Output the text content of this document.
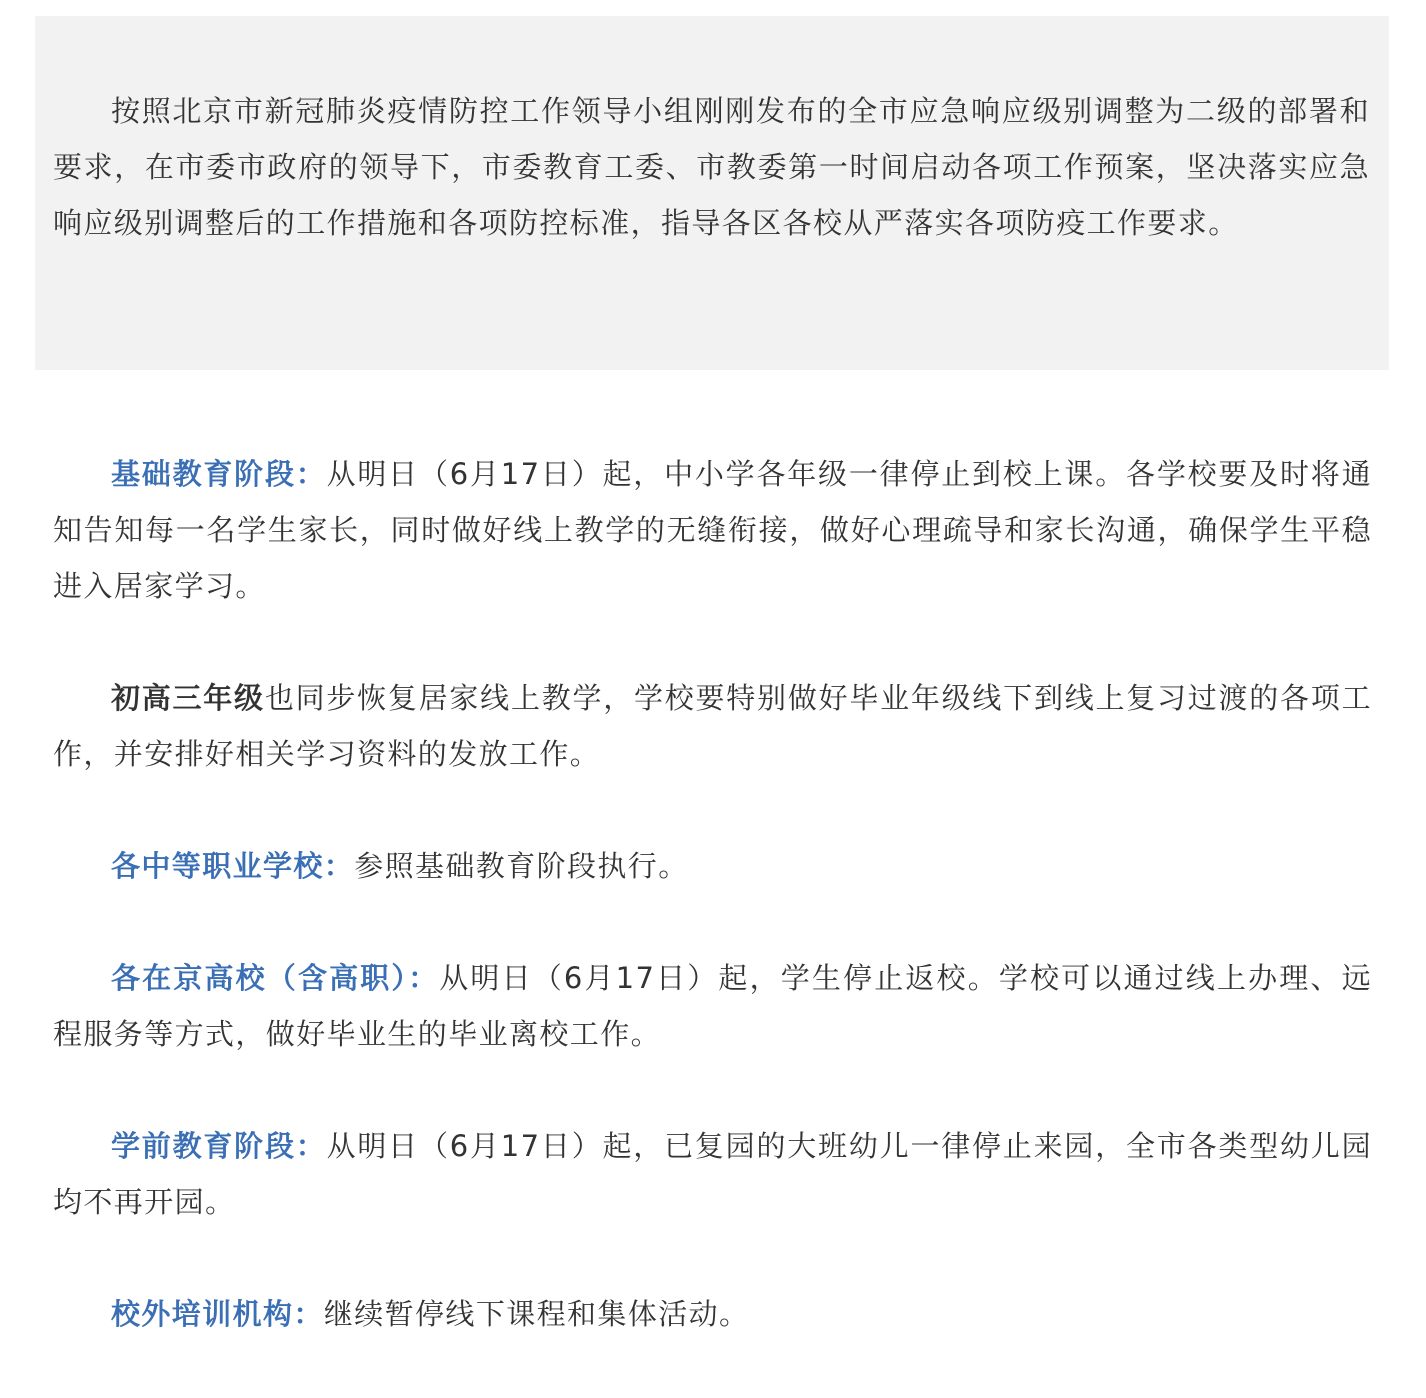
按照北京市新冠肺炎疫情防控工作领导小组刚刚发布的全市应急响应级别调整为二级的部署和要求，在市委市政府的领导下，市委教育工委、市教委第一时间启动各项工作预案，坚决落实应急响应级别调整后的工作措施和各项防控标准，指导各区各校从严落实各项防疫工作要求。

基础教育阶段：从明日（6月17日）起，中小学各年级一律停止到校上课。各学校要及时将通知告知每一名学生家长，同时做好线上教学的无缝衔接，做好心理疏导和家长沟通，确保学生平稳进入居家学习。

初高三年级也同步恢复居家线上教学，学校要特别做好毕业年级线下到线上复习过渡的各项工作，并安排好相关学习资料的发放工作。

各中等职业学校：参照基础教育阶段执行。

各在京高校（含高职）：从明日（6月17日）起，学生停止返校。学校可以通过线上办理、远程服务等方式，做好毕业生的毕业离校工作。

学前教育阶段：从明日（6月17日）起，已复园的大班幼儿一律停止来园，全市各类型幼儿园均不再开园。

校外培训机构：继续暂停线下课程和集体活动。
